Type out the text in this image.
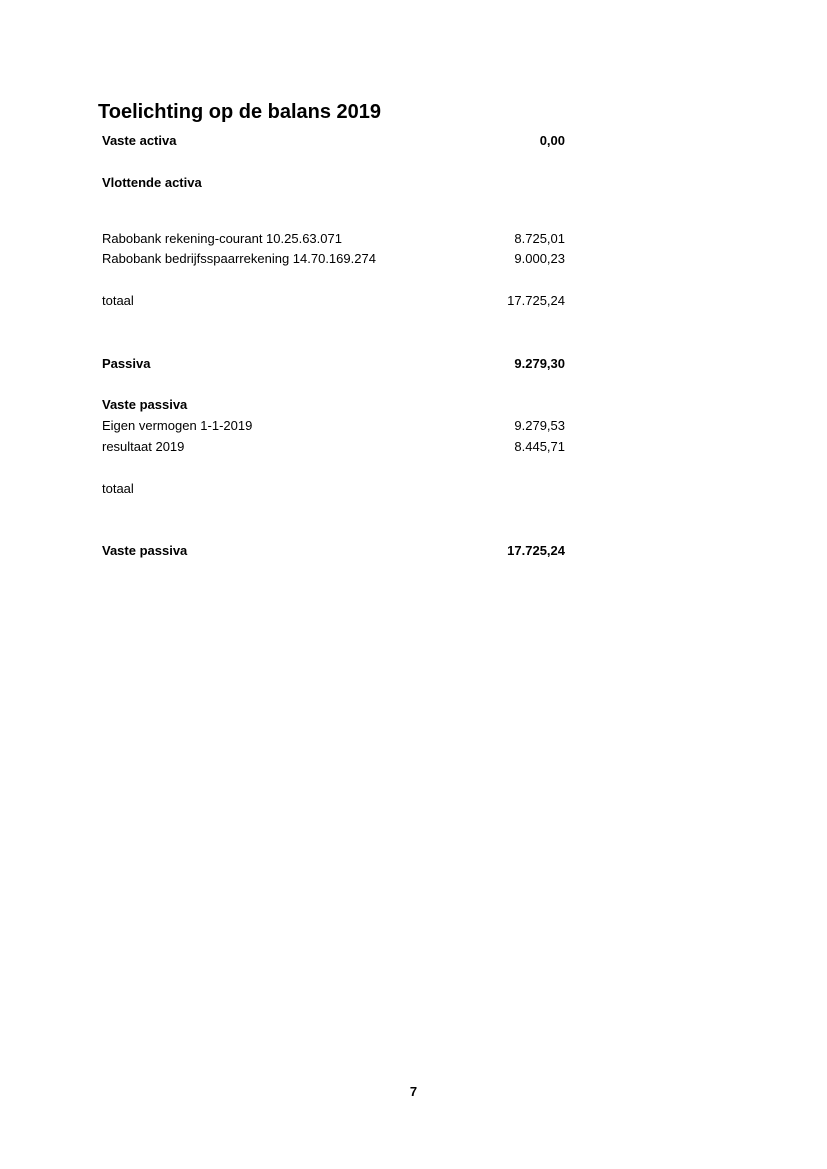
Toelichting op de balans 2019
Vaste activa	0,00
Vlottende activa
Rabobank rekening-courant 10.25.63.071	8.725,01
Rabobank bedrijfsspaarrekening 14.70.169.274	9.000,23
totaal	17.725,24
Passiva	9.279,30
Vaste passiva
Eigen vermogen 1-1-2019	9.279,53
resultaat 2019	8.445,71
totaal
Vaste passiva	17.725,24
7
